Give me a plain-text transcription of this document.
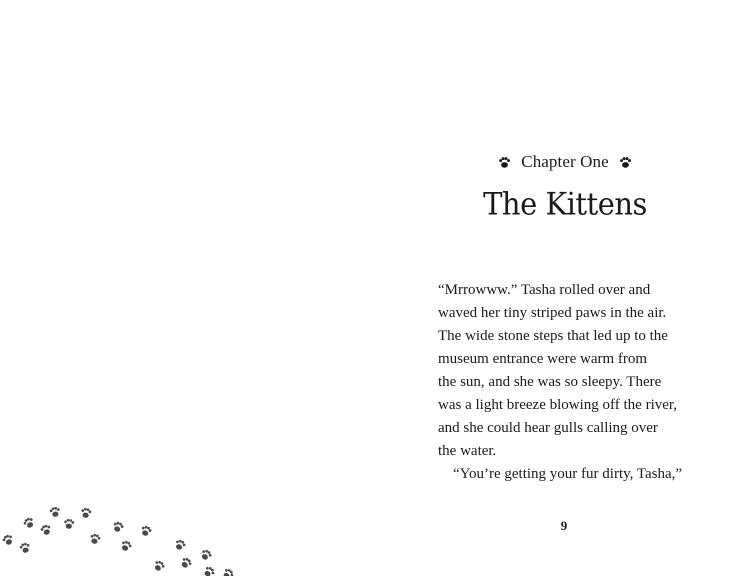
Chapter One
The Kittens
“Mrrowww.” Tasha rolled over and
waved her tiny striped paws in the air.
The wide stone steps that led up to the
museum entrance were warm from
the sun, and she was so sleepy. There
was a light breeze blowing off the river,
and she could hear gulls calling over
the water.
“You’re getting your fur dirty, Tasha,”
9
